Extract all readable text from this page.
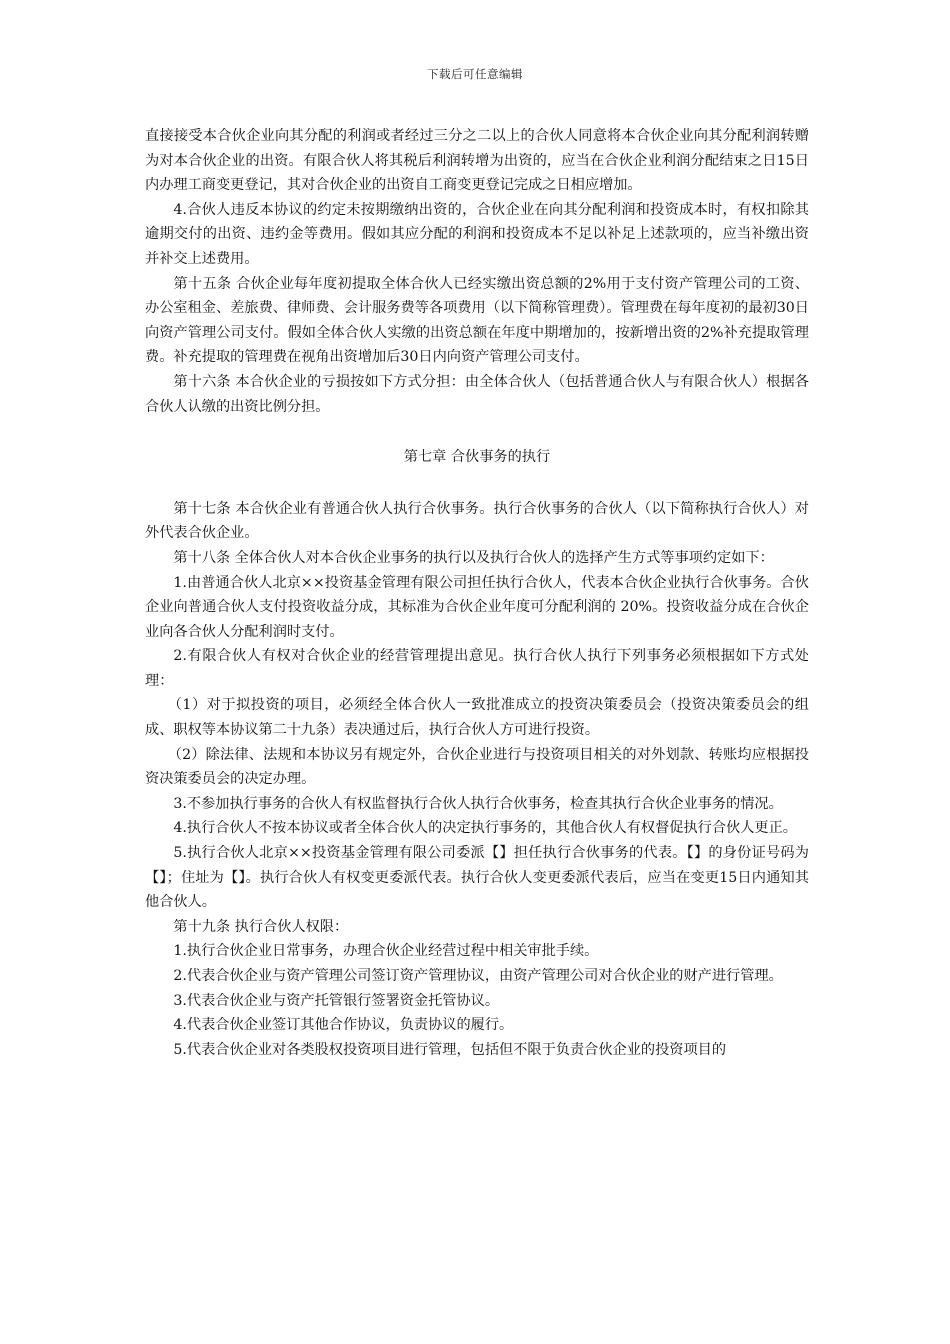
下载后可任意编辑

直接接受本合伙企业向其分配的利润或者经过三分之二以上的合伙人同意将本合伙企业向其分配利润转赠为对本合伙企业的出资。有限合伙人将其税后利润转增为出资的，应当在合伙企业利润分配结束之日15日内办理工商变更登记，其对合伙企业的出资自工商变更登记完成之日相应增加。

4.合伙人违反本协议的约定未按期缴纳出资的，合伙企业在向其分配利润和投资成本时，有权扣除其逾期交付的出资、违约金等费用。假如其应分配的利润和投资成本不足以补足上述款项的，应当补缴出资并补交上述费用。

第十五条 合伙企业每年度初提取全体合伙人已经实缴出资总额的2%用于支付资产管理公司的工资、办公室租金、差旅费、律师费、会计服务费等各项费用（以下简称管理费）。管理费在每年度初的最初30日向资产管理公司支付。假如全体合伙人实缴的出资总额在年度中期增加的，按新增出资的2%补充提取管理费。补充提取的管理费在视角出资增加后30日内向资产管理公司支付。

第十六条 本合伙企业的亏损按如下方式分担：由全体合伙人（包括普通合伙人与有限合伙人）根据各合伙人认缴的出资比例分担。

第七章 合伙事务的执行

第十七条 本合伙企业有普通合伙人执行合伙事务。执行合伙事务的合伙人（以下简称执行合伙人）对外代表合伙企业。

第十八条 全体合伙人对本合伙企业事务的执行以及执行合伙人的选择产生方式等事项约定如下：

1.由普通合伙人北京××投资基金管理有限公司担任执行合伙人，代表本合伙企业执行合伙事务。合伙企业向普通合伙人支付投资收益分成，其标准为合伙企业年度可分配利润的 20%。投资收益分成在合伙企业向各合伙人分配利润时支付。

2.有限合伙人有权对合伙企业的经营管理提出意见。执行合伙人执行下列事务必须根据如下方式处理：

（1）对于拟投资的项目，必须经全体合伙人一致批准成立的投资决策委员会（投资决策委员会的组成、职权等本协议第二十九条）表决通过后，执行合伙人方可进行投资。

（2）除法律、法规和本协议另有规定外，合伙企业进行与投资项目相关的对外划款、转账均应根据投资决策委员会的决定办理。

3.不参加执行事务的合伙人有权监督执行合伙人执行合伙事务，检查其执行合伙企业事务的情况。

4.执行合伙人不按本协议或者全体合伙人的决定执行事务的，其他合伙人有权督促执行合伙人更正。

5.执行合伙人北京××投资基金管理有限公司委派【】担任执行合伙事务的代表。【】的身份证号码为【】；住址为【】。执行合伙人有权变更委派代表。执行合伙人变更委派代表后，应当在变更15日内通知其他合伙人。

第十九条 执行合伙人权限：

1.执行合伙企业日常事务，办理合伙企业经营过程中相关审批手续。

2.代表合伙企业与资产管理公司签订资产管理协议，由资产管理公司对合伙企业的财产进行管理。

3.代表合伙企业与资产托管银行签署资金托管协议。

4.代表合伙企业签订其他合作协议，负责协议的履行。

5.代表合伙企业对各类股权投资项目进行管理，包括但不限于负责合伙企业的投资项目的
